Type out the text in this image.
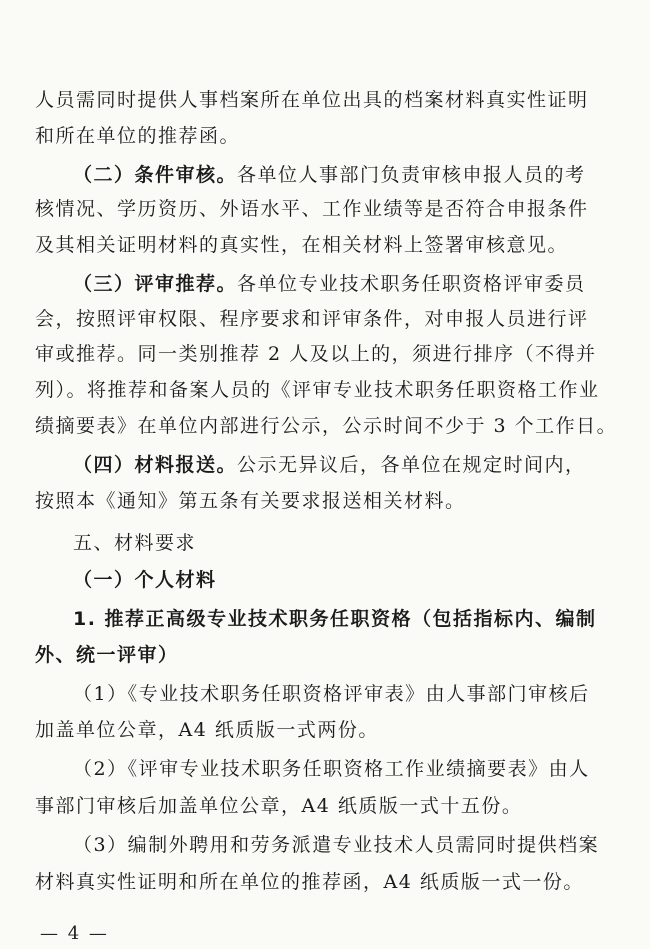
人员需同时提供人事档案所在单位出具的档案材料真实性证明
和所在单位的推荐函。
（二）条件审核。各单位人事部门负责审核申报人员的考
核情况、学历资历、外语水平、工作业绩等是否符合申报条件
及其相关证明材料的真实性，在相关材料上签署审核意见。
（三）评审推荐。各单位专业技术职务任职资格评审委员
会，按照评审权限、程序要求和评审条件，对申报人员进行评
审或推荐。同一类别推荐 2 人及以上的，须进行排序（不得并
列）。将推荐和备案人员的《评审专业技术职务任职资格工作业
绩摘要表》在单位内部进行公示，公示时间不少于 3 个工作日。
（四）材料报送。公示无异议后，各单位在规定时间内，
按照本《通知》第五条有关要求报送相关材料。
五、材料要求
（一）个人材料
1. 推荐正高级专业技术职务任职资格（包括指标内、编制
外、统一评审）
（1）《专业技术职务任职资格评审表》由人事部门审核后
加盖单位公章，A4 纸质版一式两份。
（2）《评审专业技术职务任职资格工作业绩摘要表》由人
事部门审核后加盖单位公章，A4 纸质版一式十五份。
（3）编制外聘用和劳务派遣专业技术人员需同时提供档案
材料真实性证明和所在单位的推荐函，A4 纸质版一式一份。
— 4 —
